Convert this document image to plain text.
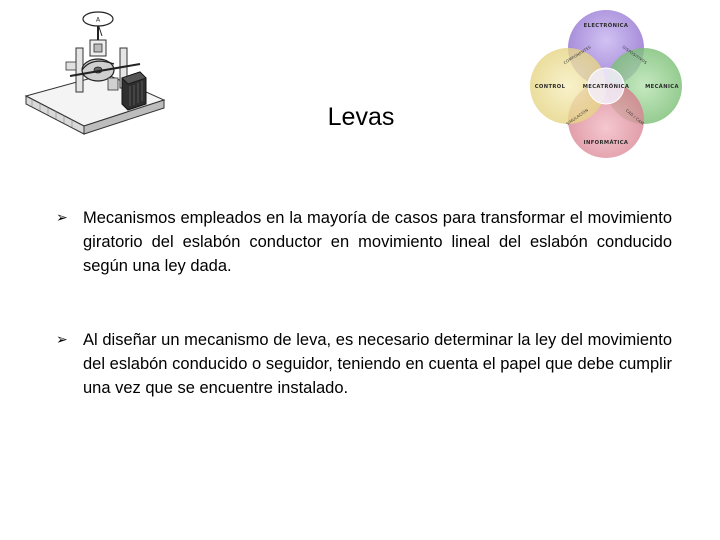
A
ELECTRÓNICA
MECÁNICA
INFORMÁTICA
CONTROL	MECATRÓNICA
COMPONENTES	DISPOSITIVOS
CAD / CAM
SIMULACIÓN
Levas
➢ Mecanismos empleados en la mayoría de casos para transformar el movimiento giratorio del eslabón conductor en movimiento lineal del eslabón conducido según una ley dada.
➢ Al diseñar un mecanismo de leva, es necesario determinar la ley del movimiento del eslabón conducido o seguidor, teniendo en cuenta el papel que debe cumplir una vez que se encuentre instalado.
